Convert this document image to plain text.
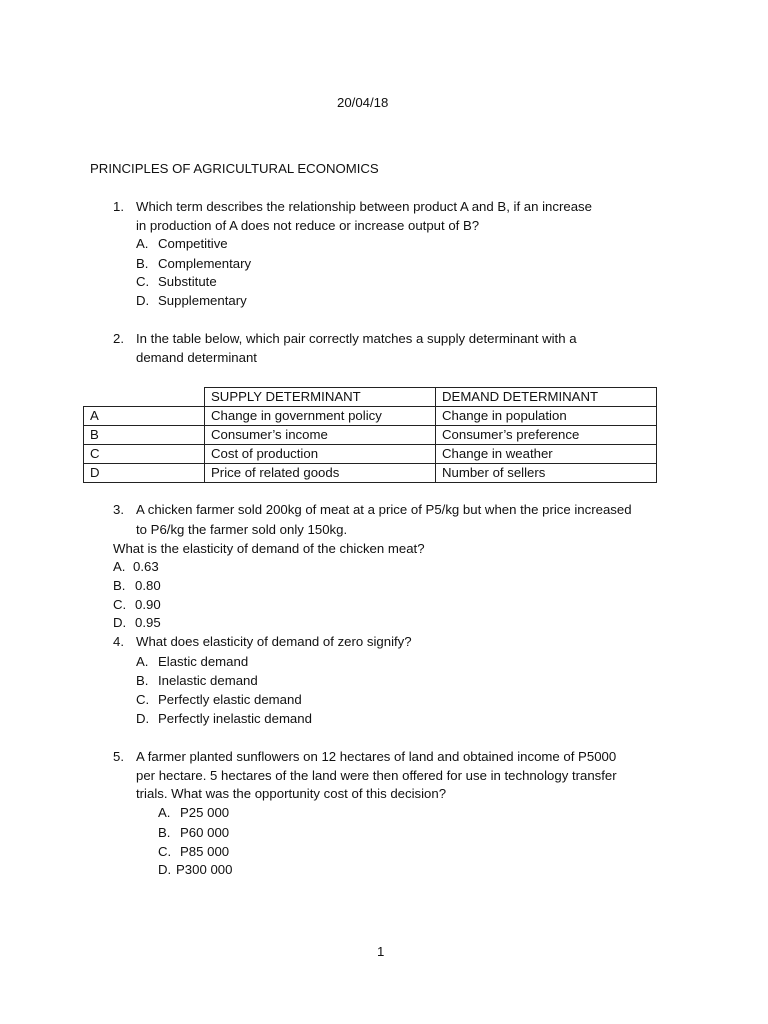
20/04/18
PRINCIPLES OF AGRICULTURAL ECONOMICS
1. Which term describes the relationship between product A and B, if an increase
in production of A does not reduce or increase output of B?
A. Competitive
B. Complementary
C. Substitute
D. Supplementary
2. In the table below, which pair correctly matches a supply determinant with a
demand determinant
	SUPPLY DETERMINANT	DEMAND DETERMINANT
A	Change in government policy	Change in population
B	Consumer’s income	Consumer’s preference
C	Cost of production	Change in weather
D	Price of related goods	Number of sellers
3. A chicken farmer sold 200kg of meat at a price of P5/kg but when the price increased
to P6/kg the farmer sold only 150kg.
What is the elasticity of demand of the chicken meat?
A. 0.63
B. 0.80
C. 0.90
D. 0.95
4. What does elasticity of demand of zero signify?
A. Elastic demand
B. Inelastic demand
C. Perfectly elastic demand
D. Perfectly inelastic demand
5. A farmer planted sunflowers on 12 hectares of land and obtained income of P5000
per hectare. 5 hectares of the land were then offered for use in technology transfer
trials. What was the opportunity cost of this decision?
A. P25 000
B. P60 000
C. P85 000
D. P300 000
1
